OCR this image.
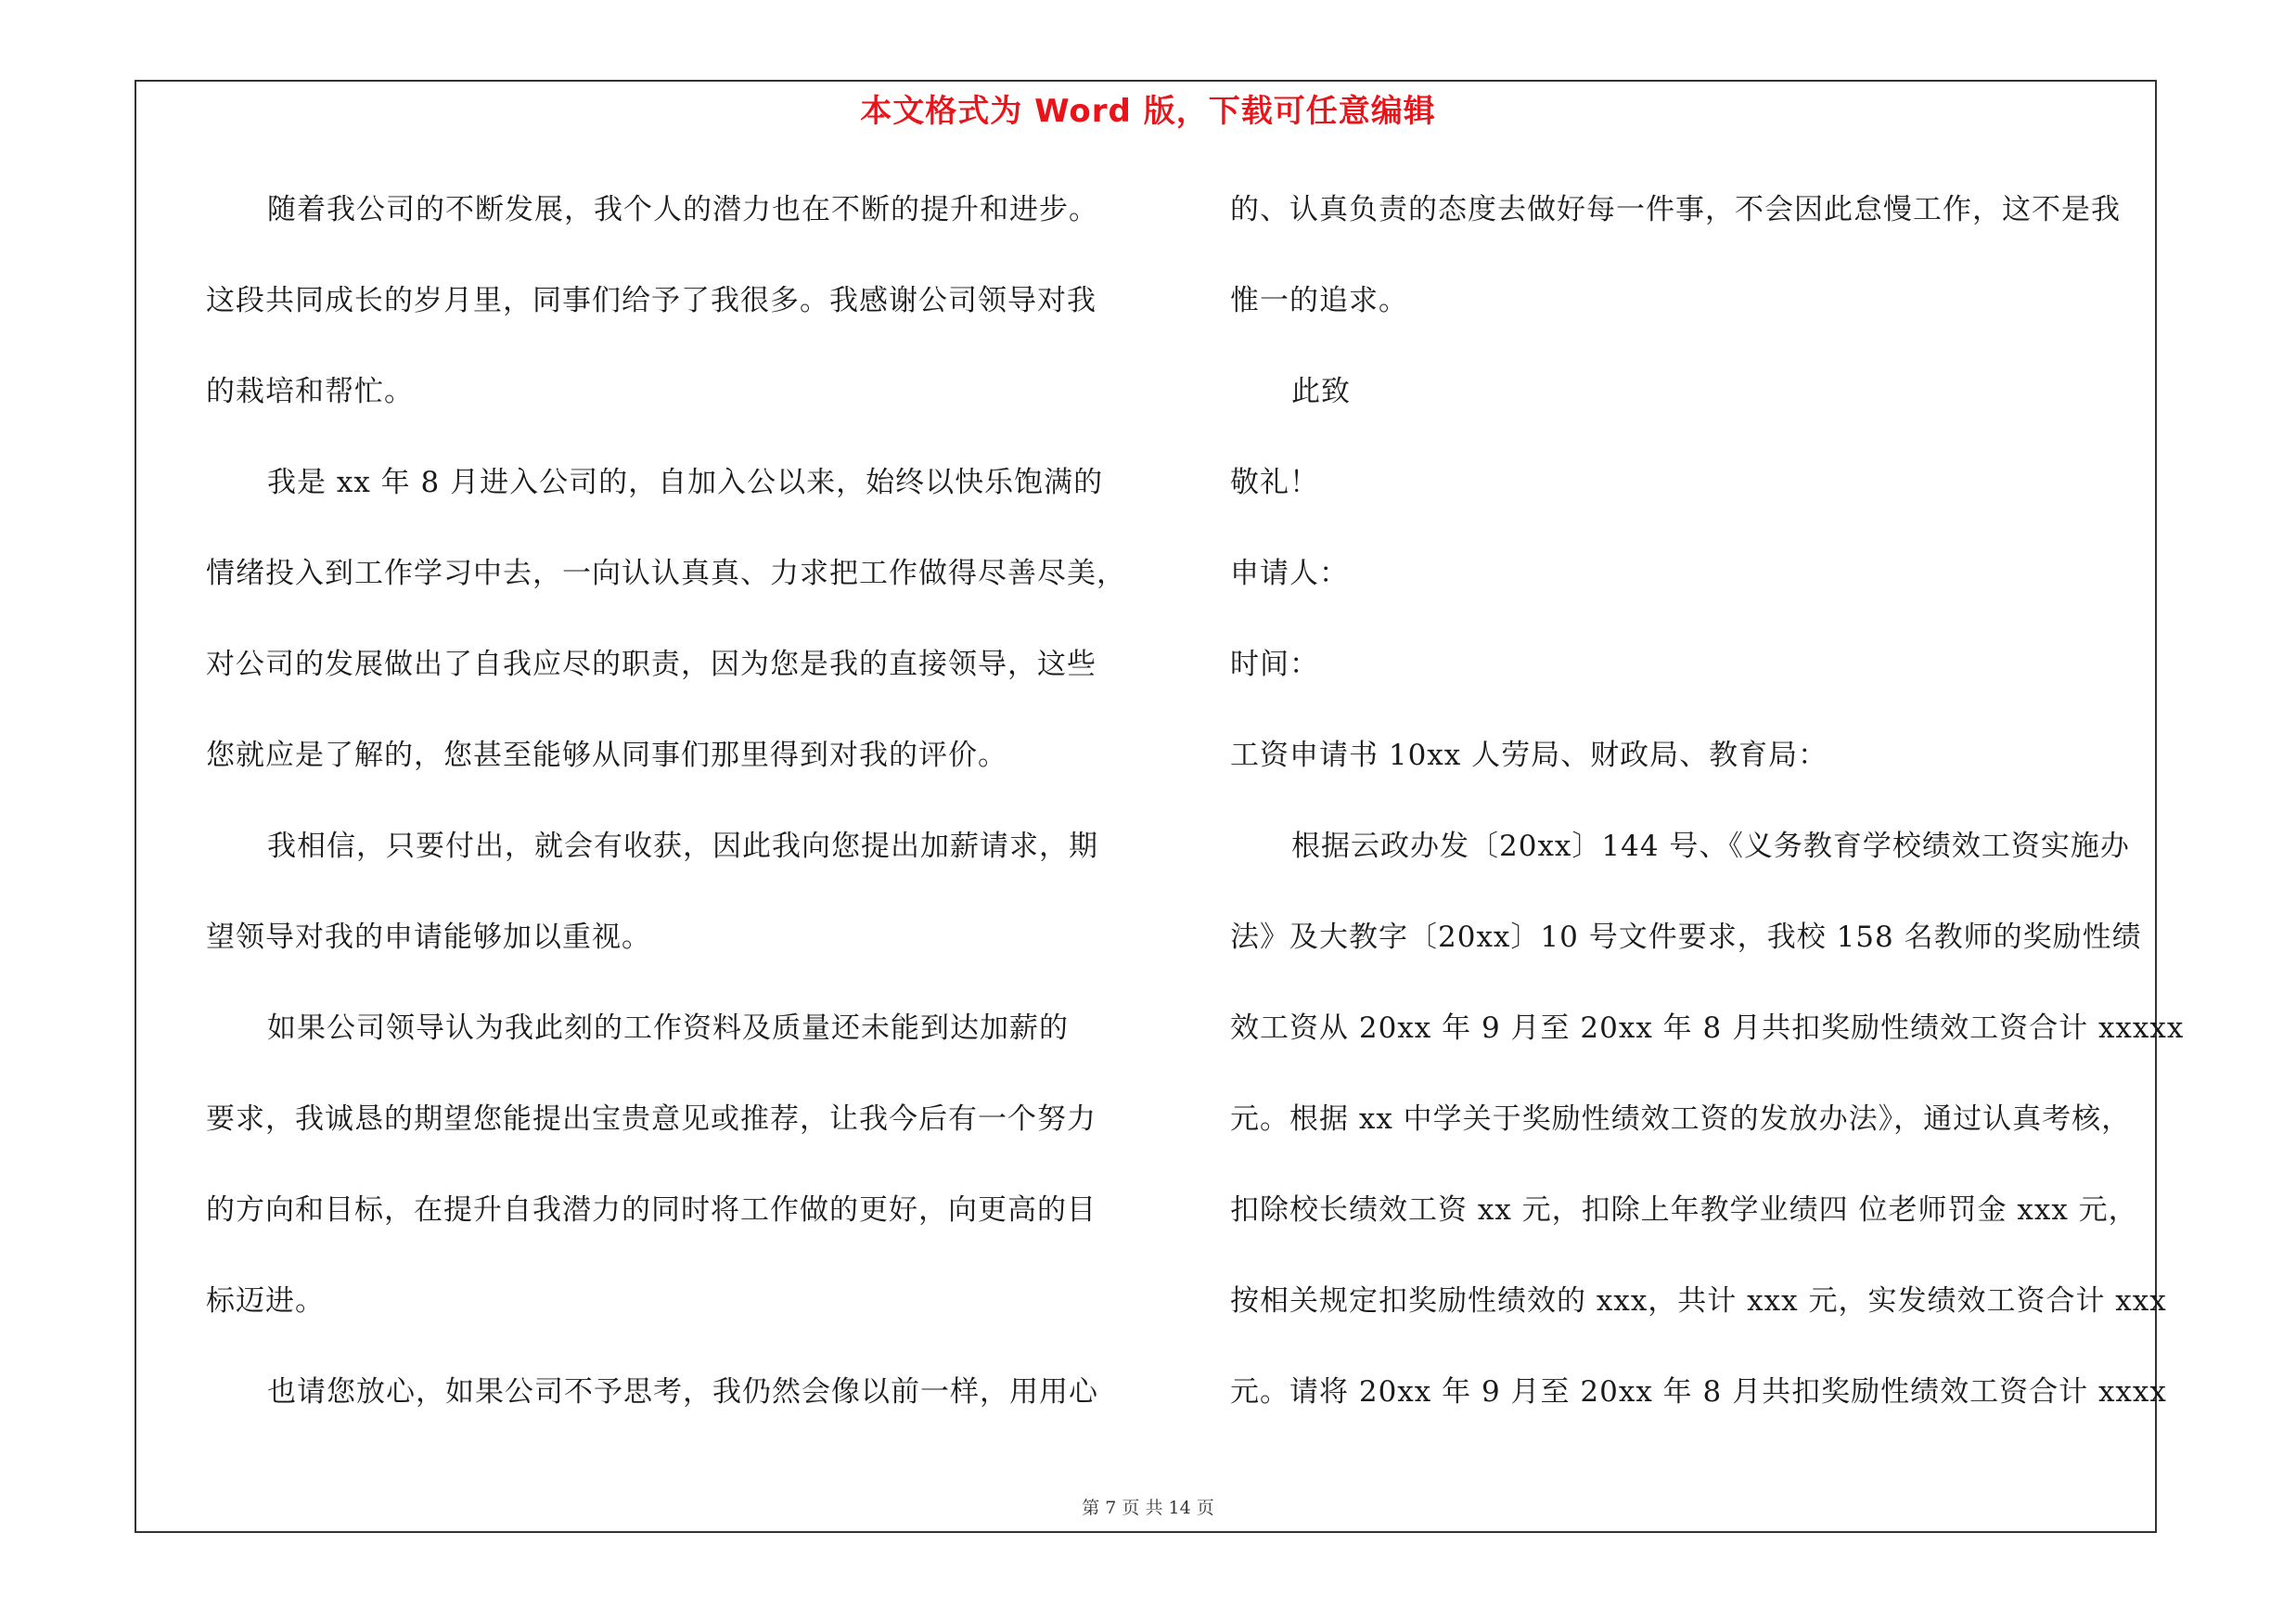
本文格式为 Word 版，下载可任意编辑
随着我公司的不断发展，我个人的潜力也在不断的提升和进步。
这段共同成长的岁月里，同事们给予了我很多。我感谢公司领导对我
的栽培和帮忙。
我是 xx 年 8 月进入公司的，自加入公以来，始终以快乐饱满的
情绪投入到工作学习中去，一向认认真真、力求把工作做得尽善尽美，
对公司的发展做出了自我应尽的职责，因为您是我的直接领导，这些
您就应是了解的，您甚至能够从同事们那里得到对我的评价。
我相信，只要付出，就会有收获，因此我向您提出加薪请求，期
望领导对我的申请能够加以重视。
如果公司领导认为我此刻的工作资料及质量还未能到达加薪的
要求，我诚恳的期望您能提出宝贵意见或推荐，让我今后有一个努力
的方向和目标，在提升自我潜力的同时将工作做的更好，向更高的目
标迈进。
也请您放心，如果公司不予思考，我仍然会像以前一样，用用心
的、认真负责的态度去做好每一件事，不会因此怠慢工作，这不是我
惟一的追求。
此致
敬礼！
申请人：
时间：
工资申请书 10xx 人劳局、财政局、教育局：
根据云政办发〔20xx〕144 号、《义务教育学校绩效工资实施办
法》及大教字〔20xx〕10 号文件要求，我校 158 名教师的奖励性绩
效工资从 20xx 年 9 月至 20xx 年 8 月共扣奖励性绩效工资合计 xxxxx
元。根据 xx 中学关于奖励性绩效工资的发放办法》，通过认真考核，
扣除校长绩效工资 xx 元，扣除上年教学业绩四 位老师罚金 xxx 元，
按相关规定扣奖励性绩效的 xxx，共计 xxx 元，实发绩效工资合计 xxx
元。请将 20xx 年 9 月至 20xx 年 8 月共扣奖励性绩效工资合计 xxxx
第 7 页 共 14 页
